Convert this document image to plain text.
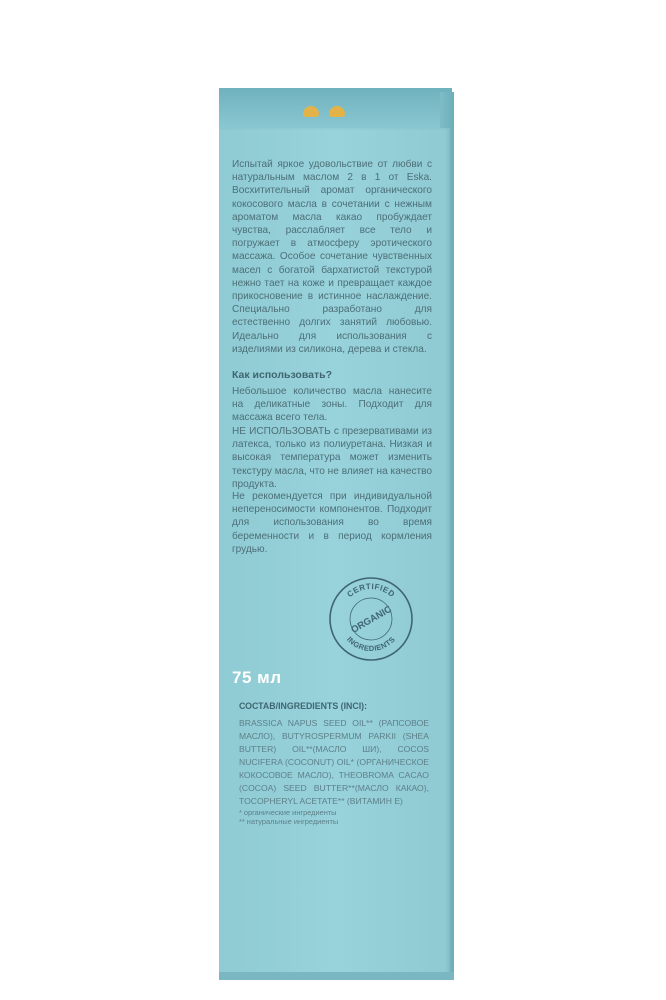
Испытай яркое удовольствие от любви с натуральным маслом 2 в 1 от Eska. Восхитительный аромат органического кокосового масла в сочетании с нежным ароматом масла какао пробуждает чувства, расслабляет все тело и погружает в атмосферу эротического массажа. Особое сочетание чувственных масел с богатой бархатистой текстурой нежно тает на коже и превращает каждое прикосновение в истинное наслаждение. Специально разработано для естественно долгих занятий любовью. Идеально для использования с изделиями из силикона, дерева и стекла.

Как использовать?

Небольшое количество масла нанесите на деликатные зоны. Подходит для массажа всего тела.

НЕ ИСПОЛЬЗОВАТЬ с презервативами из латекса, только из полиуретана. Низкая и высокая температура может изменить текстуру масла, что не влияет на качество продукта.

Не рекомендуется при индивидуальной непереносимости компонентов. Подходит для использования во время беременности и в период кормления грудью.

CERTIFIED
ORGANIC
INGREDIENTS
75 мл
СОСТАВ/INGREDIENTS (INCI):
BRASSICA NAPUS SEED OIL** (РАПСОВОЕ МАСЛО), BUTYROSPERMUM PARKII (SHEA BUTTER) OIL**(МАСЛО ШИ), COCOS NUCIFERA (COCONUT) OIL* (ОРГАНИЧЕСКОЕ КОКОСОВОЕ МАСЛО), THEOBROMA CACAO (COCOA) SEED BUTTER**(МАСЛО КАКАО), TOCOPHERYL ACETATE** (ВИТАМИН Е)
* органические ингредиенты
** натуральные ингредиенты
